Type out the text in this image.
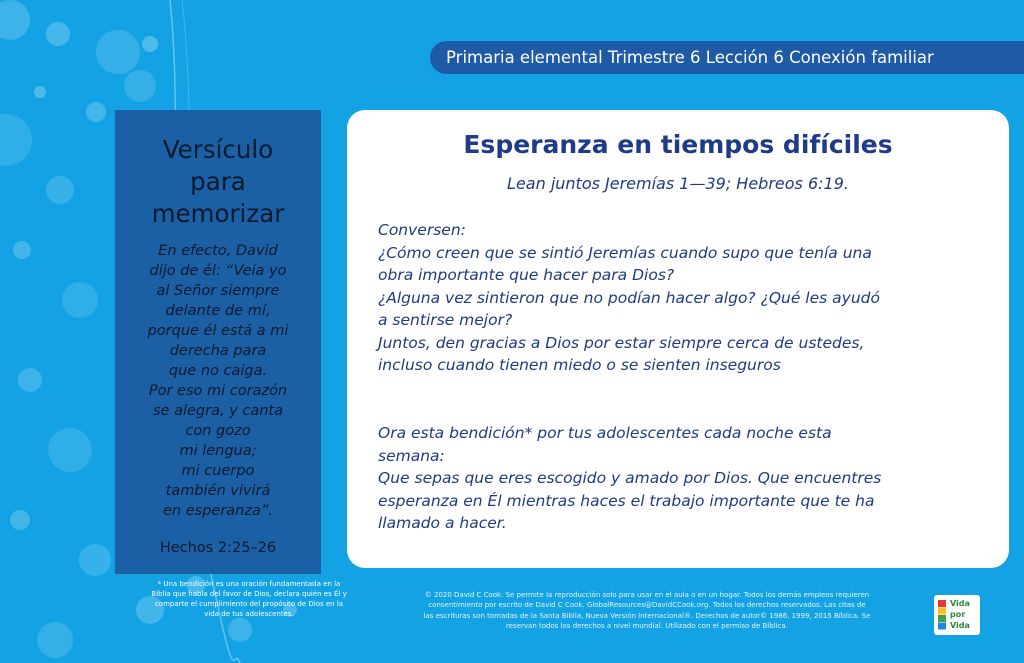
Primaria elemental Trimestre 6 Lección 6 Conexión familiar
Versículo
para
memorizar
En efecto, David
dijo de él: “Veía yo
al Señor siempre
delante de mí,
porque él está a mi
derecha para
que no caiga.
Por eso mi corazón
se alegra, y canta
con gozo
mi lengua;
mi cuerpo
también vivirá
en esperanza”.
Hechos 2:25–26
Esperanza en tiempos difíciles
Lean juntos Jeremías 1—39; Hebreos 6:19.
Conversen:
¿Cómo creen que se sintió Jeremías cuando supo que tenía una
obra importante que hacer para Dios?
¿Alguna vez sintieron que no podían hacer algo? ¿Qué les ayudó
a sentirse mejor?
Juntos, den gracias a Dios por estar siempre cerca de ustedes,
incluso cuando tienen miedo o se sienten inseguros
Ora esta bendición* por tus adolescentes cada noche esta
semana:
Que sepas que eres escogido y amado por Dios. Que encuentres
esperanza en Él mientras haces el trabajo importante que te ha
llamado a hacer.
* Una bendición es una oración fundamentada en la
Biblia que habla del favor de Dios, declara quién es Él y
comparte el cumplimiento del propósito de Dios en la
vida de tus adolescentes.
© 2020 David C Cook. Se permite la reproducción solo para usar en el aula o en un hogar. Todos los demás empleos requieren
consentimiento por escrito de David C Cook. GlobalResources@DavidCCook.org. Todos los derechos reservados. Las citas de
las escrituras son tomadas de la Santa Biblia, Nueva Versión Internacional®. Derechos de autor© 1986, 1999, 2015 Bíblica. Se
reservan todos los derechos a nivel mundial. Utilizado con el permiso de Bíblica.
Vida
por
Vida
